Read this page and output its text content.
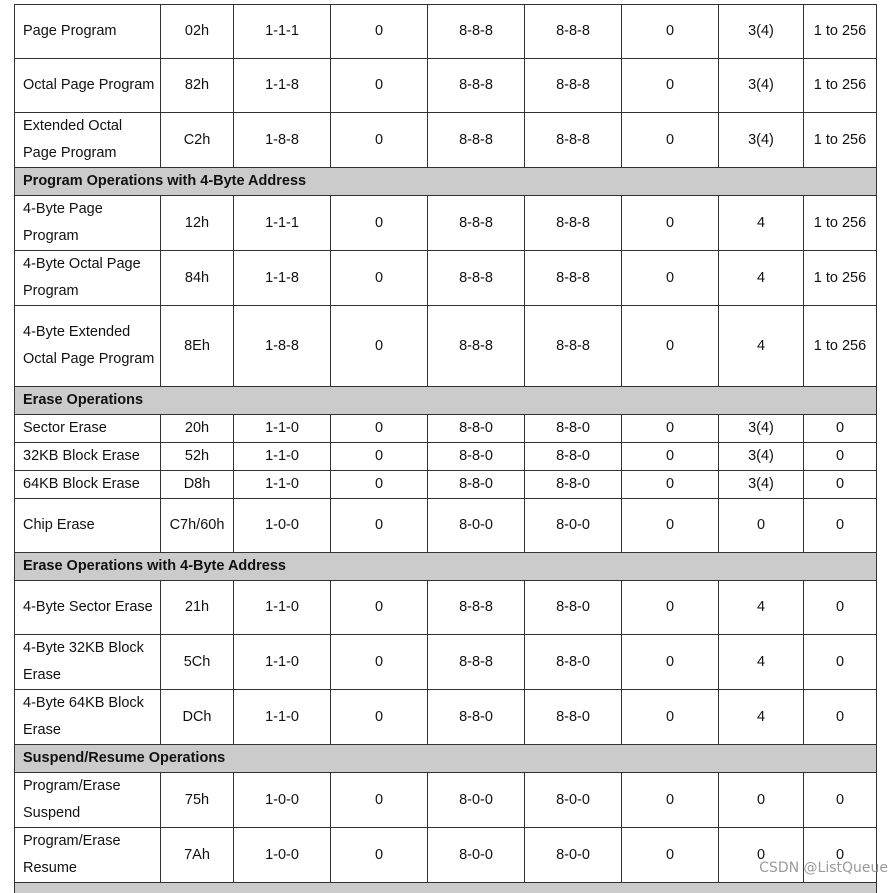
Page Program	02h	1-1-1	0	8-8-8	8-8-8	0	3(4)	1 to 256
Octal Page Program	82h	1-1-8	0	8-8-8	8-8-8	0	3(4)	1 to 256
Extended Octal Page Program	C2h	1-8-8	0	8-8-8	8-8-8	0	3(4)	1 to 256
Program Operations with 4-Byte Address								
4-Byte Page Program	12h	1-1-1	0	8-8-8	8-8-8	0	4	1 to 256
4-Byte Octal Page Program	84h	1-1-8	0	8-8-8	8-8-8	0	4	1 to 256
4-Byte Extended Octal Page Program	8Eh	1-8-8	0	8-8-8	8-8-8	0	4	1 to 256
Erase Operations								
Sector Erase	20h	1-1-0	0	8-8-0	8-8-0	0	3(4)	0
32KB Block Erase	52h	1-1-0	0	8-8-0	8-8-0	0	3(4)	0
64KB Block Erase	D8h	1-1-0	0	8-8-0	8-8-0	0	3(4)	0
Chip Erase	C7h/60h	1-0-0	0	8-0-0	8-0-0	0	0	0
Erase Operations with 4-Byte Address								
4-Byte Sector Erase	21h	1-1-0	0	8-8-8	8-8-0	0	4	0
4-Byte 32KB Block Erase	5Ch	1-1-0	0	8-8-8	8-8-0	0	4	0
4-Byte 64KB Block Erase	DCh	1-1-0	0	8-8-0	8-8-0	0	4	0
Suspend/Resume Operations								
Program/Erase Suspend	75h	1-0-0	0	8-0-0	8-0-0	0	0	0
Program/Erase Resume	7Ah	1-0-0	0	8-0-0	8-0-0	0	0	0

CSDN @ListQueue
